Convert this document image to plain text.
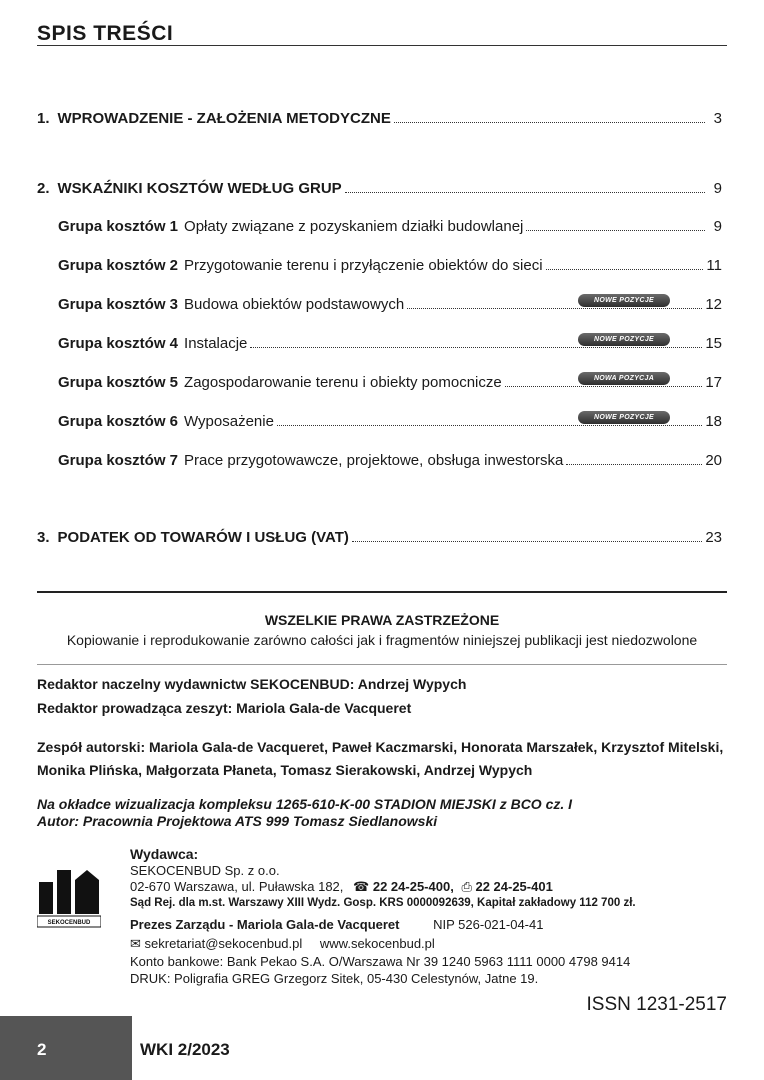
SPIS TREŚCI
1. WPROWADZENIE - ZAŁOŻENIA METODYCZNE	3
2. WSKAŹNIKI KOSZTÓW WEDŁUG GRUP	9
Grupa kosztów 1 Opłaty związane z pozyskaniem działki budowlanej	9
Grupa kosztów 2 Przygotowanie terenu i przyłączenie obiektów do sieci	11
Grupa kosztów 3 Budowa obiektów podstawowych	12
NOWE POZYCJE
Grupa kosztów 4 Instalacje	15
NOWE POZYCJE
Grupa kosztów 5 Zagospodarowanie terenu i obiekty pomocnicze	17
NOWA POZYCJA
Grupa kosztów 6 Wyposażenie	18
NOWE POZYCJE
Grupa kosztów 7 Prace przygotowawcze, projektowe, obsługa inwestorska	20
3. PODATEK OD TOWARÓW I USŁUG (VAT)	23
WSZELKIE PRAWA ZASTRZEŻONE
Kopiowanie i reprodukowanie zarówno całości jak i fragmentów niniejszej publikacji jest niedozwolone
Redaktor naczelny wydawnictw SEKOCENBUD: Andrzej Wypych
Redaktor prowadząca zeszyt: Mariola Gala-de Vacqueret
Zespół autorski: Mariola Gala-de Vacqueret, Paweł Kaczmarski, Honorata Marszałek, Krzysztof Mitelski,
Monika Plińska, Małgorzata Płaneta, Tomasz Sierakowski, Andrzej Wypych
Na okładce wizualizacja kompleksu 1265-610-K-00 STADION MIEJSKI z BCO cz. I
Autor: Pracownia Projektowa ATS 999 Tomasz Siedlanowski
SEKOCENBUD
Wydawca:
SEKOCENBUD Sp. z o.o.
02-670 Warszawa, ul. Puławska 182, ☎ 22 24-25-400, ⎙ 22 24-25-401
Sąd Rej. dla m.st. Warszawy XIII Wydz. Gosp. KRS 0000092639, Kapitał zakładowy 112 700 zł.
Prezes Zarządu - Mariola Gala-de Vacqueret	NIP 526-021-04-41
✉ sekretariat@sekocenbud.pl www.sekocenbud.pl
Konto bankowe: Bank Pekao S.A. O/Warszawa Nr 39 1240 5963 1111 0000 4798 9414
DRUK: Poligrafia GREG Grzegorz Sitek, 05-430 Celestynów, Jatne 19.
ISSN 1231-2517
2	WKI 2/2023
